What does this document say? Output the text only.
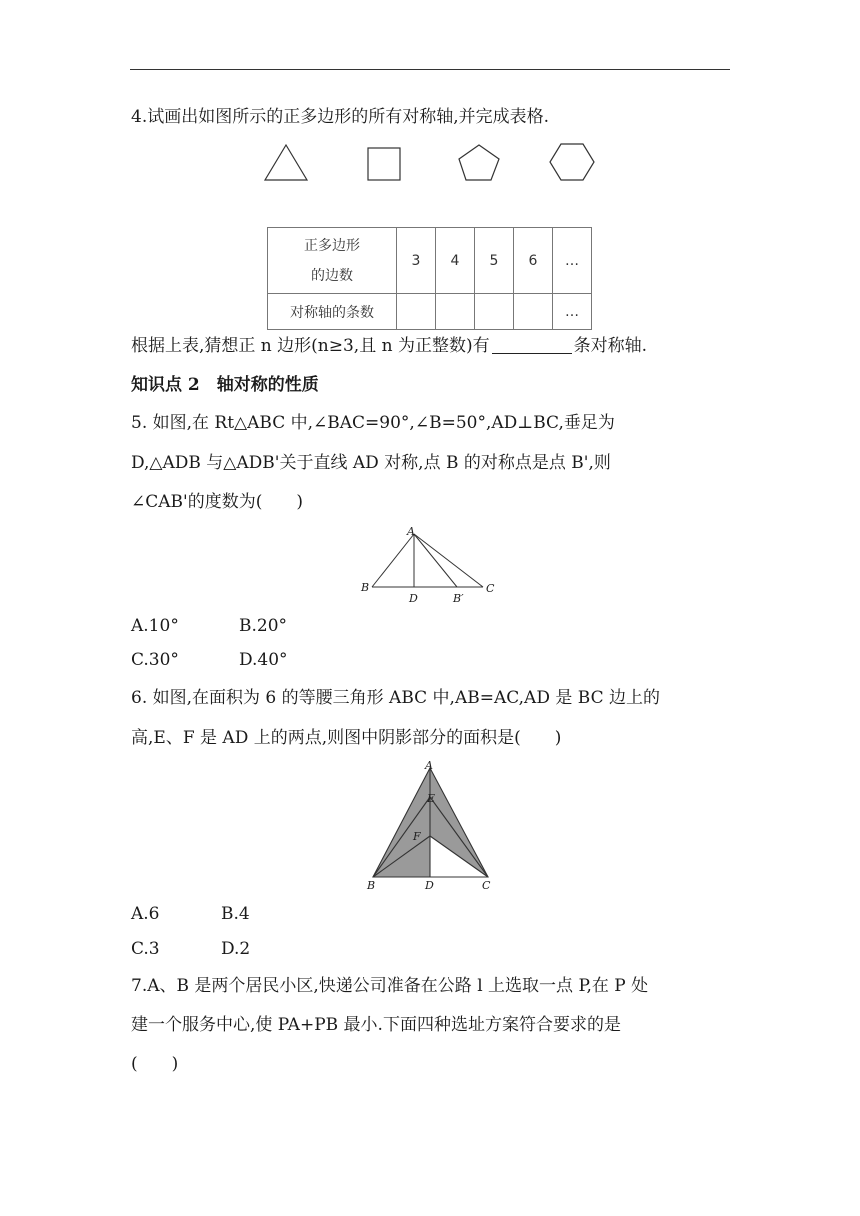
4.试画出如图所示的正多边形的所有对称轴,并完成表格.
正多边形
的边数	3	4	5	6	…
对称轴的条数					…
根据上表,猜想正 n 边形(n≥3,且 n 为正整数)有	条对称轴.
知识点 2　轴对称的性质
5. 如图,在 Rt△ABC 中,∠BAC=90°,∠B=50°,AD⊥BC,垂足为
D,△ADB 与△ADB'关于直线 AD 对称,点 B 的对称点是点 B',则
∠CAB'的度数为(　　)
A
B	C
D	B′
A.10°	B.20°
C.30°	D.40°
6. 如图,在面积为 6 的等腰三角形 ABC 中,AB=AC,AD 是 BC 边上的
高,E、F 是 AD 上的两点,则图中阴影部分的面积是(　　)
A
E
F
B	D	C
A.6	B.4
C.3	D.2
7.A、B 是两个居民小区,快递公司准备在公路 l 上选取一点 P,在 P 处
建一个服务中心,使 PA+PB 最小.下面四种选址方案符合要求的是
(　　)
